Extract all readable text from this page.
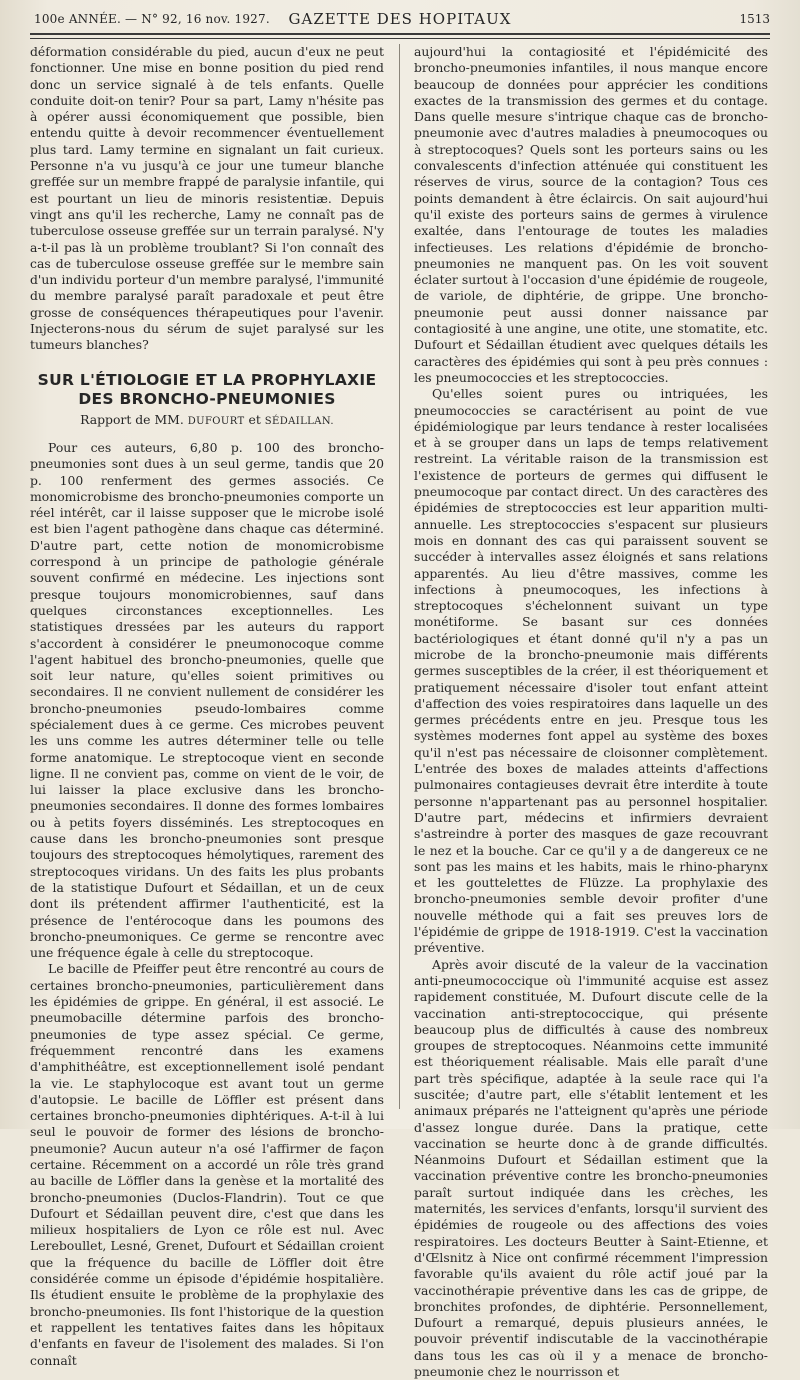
100e ANNÉE. — N° 92, 16 nov. 1927.	GAZETTE DES HOPITAUX	1513

déformation considérable du pied, aucun d'eux ne peut fonctionner. Une mise en bonne position du pied rend donc un service signalé à de tels enfants. Quelle conduite doit-on tenir? Pour sa part, Lamy n'hésite pas à opérer aussi économiquement que possible, bien entendu quitte à devoir recommencer éventuellement plus tard. Lamy termine en signalant un fait curieux. Personne n'a vu jusqu'à ce jour une tumeur blanche greffée sur un membre frappé de paralysie infantile, qui est pourtant un lieu de minoris resistentiæ. Depuis vingt ans qu'il les recherche, Lamy ne connaît pas de tuberculose osseuse greffée sur un terrain paralysé. N'y a-t-il pas là un problème troublant? Si l'on connaît des cas de tuberculose osseuse greffée sur le membre sain d'un individu porteur d'un membre paralysé, l'immunité du membre paralysé paraît paradoxale et peut être grosse de conséquences thérapeutiques pour l'avenir. Injecterons-nous du sérum de sujet paralysé sur les tumeurs blanches?

SUR L'ÉTIOLOGIE ET LA PROPHYLAXIE
DES BRONCHO-PNEUMONIES
Rapport de MM. DUFOURT et SÉDAILLAN.

Pour ces auteurs, 6,80 p. 100 des broncho-pneumonies sont dues à un seul germe, tandis que 20 p. 100 renferment des germes associés. Ce monomicrobisme des broncho-pneumonies comporte un réel intérêt, car il laisse supposer que le microbe isolé est bien l'agent pathogène dans chaque cas déterminé. D'autre part, cette notion de monomicrobisme correspond à un principe de pathologie générale souvent confirmé en médecine. Les injections sont presque toujours monomicrobiennes, sauf dans quelques circonstances exceptionnelles. Les statistiques dressées par les auteurs du rapport s'accordent à considérer le pneumonocoque comme l'agent habituel des broncho-pneumonies, quelle que soit leur nature, qu'elles soient primitives ou secondaires. Il ne convient nullement de considérer les broncho-pneumonies pseudo-lombaires comme spécialement dues à ce germe. Ces microbes peuvent les uns comme les autres déterminer telle ou telle forme anatomique. Le streptocoque vient en seconde ligne. Il ne convient pas, comme on vient de le voir, de lui laisser la place exclusive dans les broncho-pneumonies secondaires. Il donne des formes lombaires ou à petits foyers disséminés. Les streptocoques en cause dans les broncho-pneumonies sont presque toujours des streptocoques hémolytiques, rarement des streptocoques viridans. Un des faits les plus probants de la statistique Dufourt et Sédaillan, et un de ceux dont ils prétendent affirmer l'authenticité, est la présence de l'entérocoque dans les poumons des broncho-pneumoniques. Ce germe se rencontre avec une fréquence égale à celle du streptocoque.

Le bacille de Pfeiffer peut être rencontré au cours de certaines broncho-pneumonies, particulièrement dans les épidémies de grippe. En général, il est associé. Le pneumobacille détermine parfois des broncho-pneumonies de type assez spécial. Ce germe, fréquemment rencontré dans les examens d'amphithéâtre, est exceptionnellement isolé pendant la vie. Le staphylocoque est avant tout un germe d'autopsie. Le bacille de Löffler est présent dans certaines broncho-pneumonies diphtériques. A-t-il à lui seul le pouvoir de former des lésions de broncho-pneumonie? Aucun auteur n'a osé l'affirmer de façon certaine. Récemment on a accordé un rôle très grand au bacille de Löffler dans la genèse et la mortalité des broncho-pneumonies (Duclos-Flandrin). Tout ce que Dufourt et Sédaillan peuvent dire, c'est que dans les milieux hospitaliers de Lyon ce rôle est nul. Avec Lereboullet, Lesné, Grenet, Dufourt et Sédaillan croient que la fréquence du bacille de Löffler doit être considérée comme un épisode d'épidémie hospitalière. Ils étudient ensuite le problème de la prophylaxie des broncho-pneumonies. Ils font l'historique de la question et rappellent les tentatives faites dans les hôpitaux d'enfants en faveur de l'isolement des malades. Si l'on connaît

aujourd'hui la contagiosité et l'épidémicité des broncho-pneumonies infantiles, il nous manque encore beaucoup de données pour apprécier les conditions exactes de la transmission des germes et du contage. Dans quelle mesure s'intrique chaque cas de broncho-pneumonie avec d'autres maladies à pneumocoques ou à streptocoques? Quels sont les porteurs sains ou les convalescents d'infection atténuée qui constituent les réserves de virus, source de la contagion? Tous ces points demandent à être éclaircis. On sait aujourd'hui qu'il existe des porteurs sains de germes à virulence exaltée, dans l'entourage de toutes les maladies infectieuses. Les relations d'épidémie de broncho-pneumonies ne manquent pas. On les voit souvent éclater surtout à l'occasion d'une épidémie de rougeole, de variole, de diphtérie, de grippe. Une broncho-pneumonie peut aussi donner naissance par contagiosité à une angine, une otite, une stomatite, etc. Dufourt et Sédaillan étudient avec quelques détails les caractères des épidémies qui sont à peu près connues : les pneumococcies et les streptococcies.

Qu'elles soient pures ou intriquées, les pneumococcies se caractérisent au point de vue épidémiologique par leurs tendance à rester localisées et à se grouper dans un laps de temps relativement restreint. La véritable raison de la transmission est l'existence de porteurs de germes qui diffusent le pneumocoque par contact direct. Un des caractères des épidémies de streptococcies est leur apparition multi-annuelle. Les streptococcies s'espacent sur plusieurs mois en donnant des cas qui paraissent souvent se succéder à intervalles assez éloignés et sans relations apparentés. Au lieu d'être massives, comme les infections à pneumocoques, les infections à streptocoques s'échelonnent suivant un type monétiforme. Se basant sur ces données bactériologiques et étant donné qu'il n'y a pas un microbe de la broncho-pneumonie mais différents germes susceptibles de la créer, il est théoriquement et pratiquement nécessaire d'isoler tout enfant atteint d'affection des voies respiratoires dans laquelle un des germes précédents entre en jeu. Presque tous les systèmes modernes font appel au système des boxes qu'il n'est pas nécessaire de cloisonner complètement. L'entrée des boxes de malades atteints d'affections pulmonaires contagieuses devrait être interdite à toute personne n'appartenant pas au personnel hospitalier. D'autre part, médecins et infirmiers devraient s'astreindre à porter des masques de gaze recouvrant le nez et la bouche. Car ce qu'il y a de dangereux ce ne sont pas les mains et les habits, mais le rhino-pharynx et les gouttelettes de Flüzze. La prophylaxie des broncho-pneumonies semble devoir profiter d'une nouvelle méthode qui a fait ses preuves lors de l'épidémie de grippe de 1918-1919. C'est la vaccination préventive.

Après avoir discuté de la valeur de la vaccination anti-pneumococcique où l'immunité acquise est assez rapidement constituée, M. Dufourt discute celle de la vaccination anti-streptococcique, qui présente beaucoup plus de difficultés à cause des nombreux groupes de streptocoques. Néanmoins cette immunité est théoriquement réalisable. Mais elle paraît d'une part très spécifique, adaptée à la seule race qui l'a suscitée; d'autre part, elle s'établit lentement et les animaux préparés ne l'atteignent qu'après une période d'assez longue durée. Dans la pratique, cette vaccination se heurte donc à de grande difficultés. Néanmoins Dufourt et Sédaillan estiment que la vaccination préventive contre les broncho-pneumonies paraît surtout indiquée dans les crèches, les maternités, les services d'enfants, lorsqu'il survient des épidémies de rougeole ou des affections des voies respiratoires. Les docteurs Beutter à Saint-Etienne, et d'Œlsnitz à Nice ont confirmé récemment l'impression favorable qu'ils avaient du rôle actif joué par la vaccinothérapie préventive dans les cas de grippe, de bronchites profondes, de diphtérie. Personnellement, Dufourt a remarqué, depuis plusieurs années, le pouvoir préventif indiscutable de la vaccinothérapie dans tous les cas où il y a menace de broncho-pneumonie chez le nourrisson et
